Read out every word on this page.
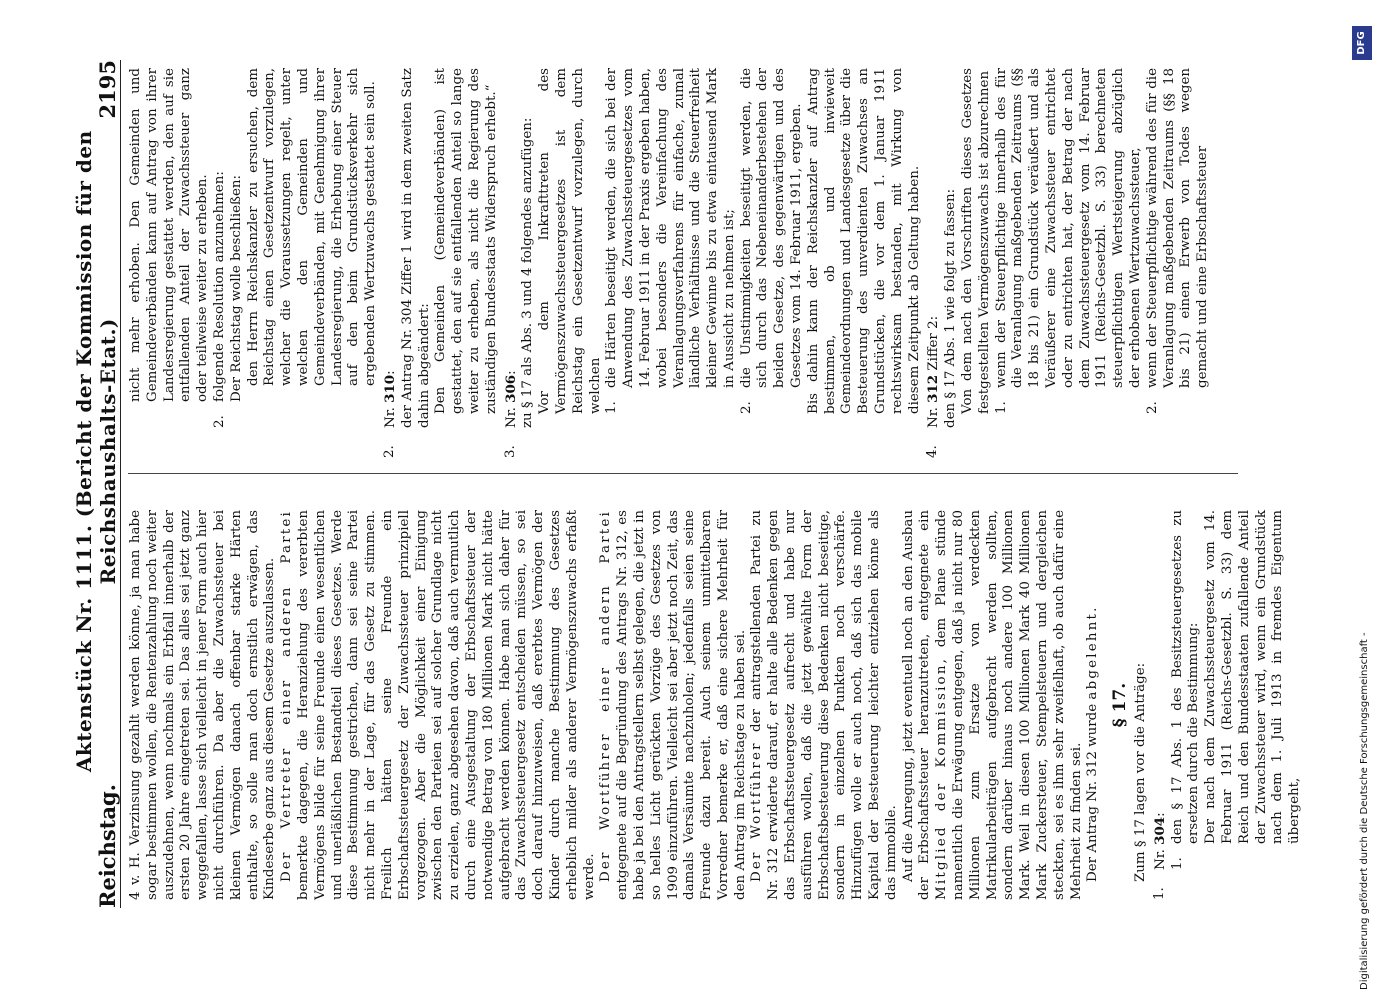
Reichstag.
Aktenstück Nr. 1111. (Bericht der Kommission für den Reichshaushalts-Etat.)
2195

4 v. H. Verzinsung gezahlt werden könne, ja man habe sogar bestimmen wollen, die Rentenzahlung noch weiter auszudehnen, wenn nochmals ein Erbfall innerhalb der ersten 20 Jahre eingetreten sei. Das alles sei jetzt ganz weggefallen, lasse sich vielleicht in jener Form auch hier nicht durchführen. Da aber die Zuwachssteuer bei kleinen Vermögen danach offenbar starke Härten enthalte, so solle man doch ernstlich erwägen, das Kindeserbe ganz aus diesem Gesetze auszulassen. Der Vertreter einer anderen Partei bemerkte dagegen, die Heranziehung des vererbten Vermögens bilde für seine Freunde einen wesentlichen und unerläßlichen Bestandteil dieses Gesetzes. Werde diese Bestimmung gestrichen, dann sei seine Partei nicht mehr in der Lage, für das Gesetz zu stimmen. Freilich hätten seine Freunde ein Erbschaftssteuergesetz der Zuwachssteuer prinzipiell vorgezogen. Aber die Möglichkeit einer Einigung zwischen den Parteien sei auf solcher Grundlage nicht zu erzielen, ganz abgesehen davon, daß auch vermutlich durch eine Ausgestaltung der Erbschaftssteuer der notwendige Betrag von 180 Millionen Mark nicht hätte aufgebracht werden können. Habe man sich daher für das Zuwachssteuergesetz entscheiden müssen, so sei doch darauf hinzuweisen, daß ererbtes Vermögen der Kinder durch manche Bestimmung des Gesetzes erheblich milder als anderer Vermögenszuwachs erfaßt werde. Der Wortführer einer andern Partei entgegnete auf die Begründung des Antrags Nr. 312, es habe ja bei den Antragstellern selbst gelegen, die jetzt in so helles Licht gerückten Vorzüge des Gesetzes von 1909 einzuführen. Vielleicht sei aber jetzt noch Zeit, das damals Versäumte nachzuholen; jedenfalls seien seine Freunde dazu bereit. Auch seinem unmittelbaren Vorredner bemerke er, daß eine sichere Mehrheit für den Antrag im Reichstage zu haben sei. Der Wortführer der antragstellenden Partei zu Nr. 312 erwiderte darauf, er halte alle Bedenken gegen das Erbschaftssteuergesetz aufrecht und habe nur ausführen wollen, daß die jetzt gewählte Form der Erbschaftsbesteuerung diese Bedenken nicht beseitige, sondern in einzelnen Punkten noch verschärfe. Hinzufügen wolle er auch noch, daß sich das mobile Kapital der Besteuerung leichter entziehen könne als das immobile. Auf die Anregung, jetzt eventuell noch an den Ausbau der Erbschaftssteuer heranzutreten, entgegnete ein Mitglied der Kommission, dem Plane stünde namentlich die Erwägung entgegen, daß ja nicht nur 80 Millionen zum Ersatze von verdeckten Matrikularbeiträgen aufgebracht werden sollten, sondern darüber hinaus noch andere 100 Millionen Mark. Weil in diesen 100 Millionen Mark 40 Millionen Mark Zuckersteuer, Stempelsteuern und dergleichen steckten, sei es ihm sehr zweifelhaft, ob auch dafür eine Mehrheit zu finden sei. Der Antrag Nr. 312 wurde abgelehnt.

§ 17. Zum § 17 lagen vor die Anträge:

1.
Nr. 304:
1.
den § 17 Abs. 1 des Besitzsteuergesetzes zu ersetzen durch die Bestimmung: Der nach dem Zuwachssteuergesetz vom 14. Februar 1911 (Reichs-Gesetzbl. S. 33) dem Reich und den Bundesstaaten zufallende Anteil der Zuwachssteuer wird, wenn ein Grundstück nach dem 1. Juli 1913 in fremdes Eigentum übergeht,
nicht mehr erhoben. Den Gemeinden und Gemeindeverbänden kann auf Antrag von ihrer Landesregierung gestattet werden, den auf sie entfallenden Anteil der Zuwachssteuer ganz oder teilweise weiter zu erheben.
2.
folgende Resolution anzunehmen: Der Reichstag wolle beschließen: den Herrn Reichskanzler zu ersuchen, dem Reichstag einen Gesetzentwurf vorzulegen, welcher die Voraussetzungen regelt, unter welchen den Gemeinden und Gemeindeverbänden, mit Genehmigung ihrer Landesregierung, die Erhebung einer Steuer auf den beim Grundstücksverkehr sich ergebenden Wertzuwachs gestattet sein soll.
2.
Nr. 310: der Antrag Nr. 304 Ziffer 1 wird in dem zweiten Satz dahin abgeändert: Den Gemeinden (Gemeindeverbänden) ist gestattet, den auf sie entfallenden Anteil so lange weiter zu erheben, als nicht die Regierung des zuständigen Bundesstaats Widerspruch erhebt.“
3.
Nr. 306: zu § 17 als Abs. 3 und 4 folgendes anzufügen: Vor dem Inkrafttreten des Vermögenszuwachssteuergesetzes ist dem Reichstag ein Gesetzentwurf vorzulegen, durch welchen 1.
die Härten beseitigt werden, die sich bei der Anwendung des Zuwachssteuergesetzes vom 14. Februar 1911 in der Praxis ergeben haben, wobei besonders die Vereinfachung des Veranlagungsverfahrens für einfache, zumal ländliche Verhältnisse und die Steuerfreiheit kleiner Gewinne bis zu etwa eintausend Mark in Aussicht zu nehmen ist;
2.
die Unstimmigkeiten beseitigt werden, die sich durch das Nebeneinanderbestehen der beiden Gesetze, des gegenwärtigen und des Gesetzes vom 14. Februar 1911, ergeben. Bis dahin kann der Reichskanzler auf Antrag bestimmen, ob und inwieweit Gemeindeordnungen und Landesgesetze über die Besteuerung des unverdienten Zuwachses an Grundstücken, die vor dem 1. Januar 1911 rechtswirksam bestanden, mit Wirkung von diesem Zeitpunkt ab Geltung haben.
4.
Nr. 312 Ziffer 2: den § 17 Abs. 1 wie folgt zu fassen: Von dem nach den Vorschriften dieses Gesetzes festgestellten Vermögenszuwachs ist abzurechnen 1.
wenn der Steuerpflichtige innerhalb des für die Veranlagung maßgebenden Zeitraums (§§ 18 bis 21) ein Grundstück veräußert und als Veräußerer eine Zuwachssteuer entrichtet oder zu entrichten hat, der Betrag der nach dem Zuwachssteuergesetz vom 14. Februar 1911 (Reichs-Gesetzbl. S. 33) berechneten steuerpflichtigen Wertsteigerung abzüglich der erhobenen Wertzuwachssteuer,
2.
wenn der Steuerpflichtige während des für die Veranlagung maßgebenden Zeitraums (§§ 18 bis 21) einen Erwerb von Todes wegen gemacht und eine Erbschaftssteuer
Digitalisierung gefördert durch die Deutsche Forschungsgemeinschaft -
DFG
